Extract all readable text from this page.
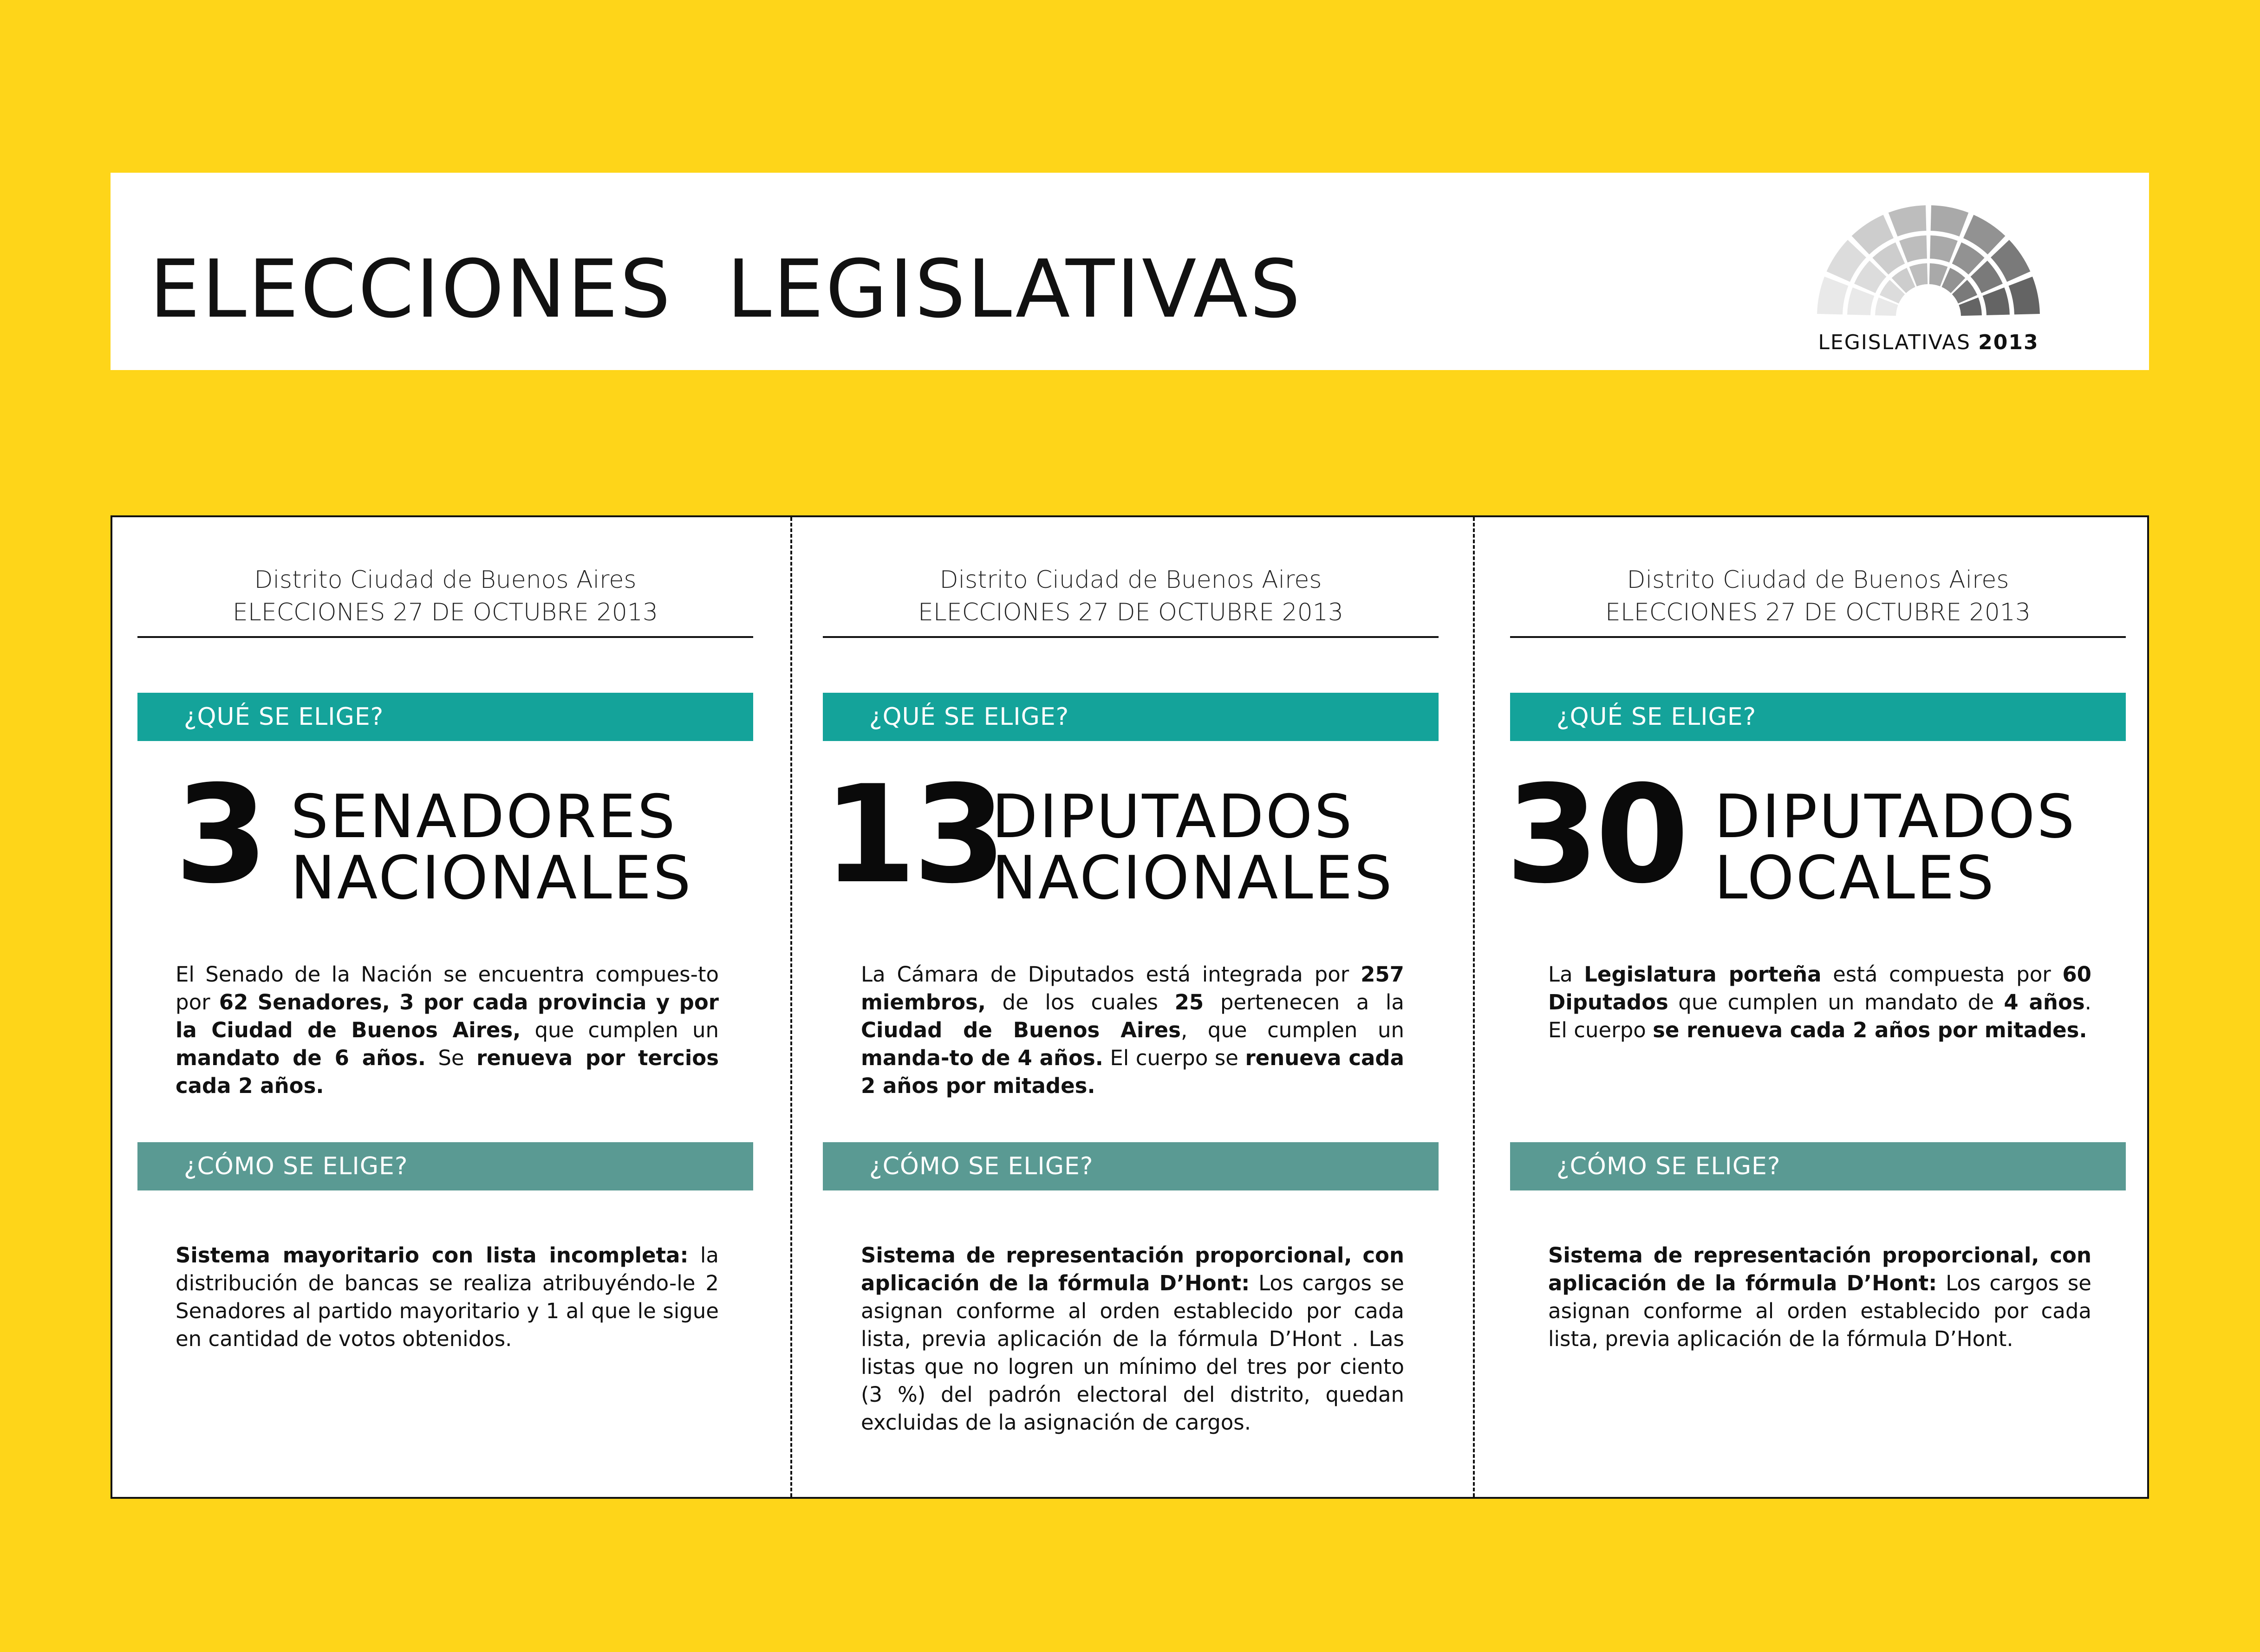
ELECCIONES  LEGISLATIVAS
LEGISLATIVAS 2013
Distrito Ciudad de Buenos Aires
ELECCIONES 27 DE OCTUBRE 2013
¿QUÉ SE ELIGE?
3 SENADORES
NACIONALES
El Senado de la Nación se encuentra compues-to por 62 Senadores, 3 por cada provincia y por la Ciudad de Buenos Aires, que cumplen un mandato de 6 años. Se renueva por tercios cada 2 años.
¿CÓMO SE ELIGE?
Sistema mayoritario con lista incompleta: la distribución de bancas se realiza atribuyéndo-le 2 Senadores al partido mayoritario y 1 al que le sigue en cantidad de votos obtenidos.
Distrito Ciudad de Buenos Aires
ELECCIONES 27 DE OCTUBRE 2013
¿QUÉ SE ELIGE?
13
DIPUTADOS
NACIONALES
La Cámara de Diputados está integrada por 257 miembros, de los cuales 25 pertenecen a la Ciudad de Buenos Aires, que cumplen un manda-to de 4 años. El cuerpo se renueva cada 2 años por mitades.
¿CÓMO SE ELIGE?
Sistema de representación proporcional, con aplicación de la fórmula D’Hont: Los cargos se asignan conforme al orden establecido por cada lista, previa aplicación de la fórmula D’Hont . Las listas que no logren un mínimo del tres por ciento (3 %) del padrón electoral del distrito, quedan excluidas de la asignación de cargos.
Distrito Ciudad de Buenos Aires
ELECCIONES 27 DE OCTUBRE 2013
¿QUÉ SE ELIGE?
30 DIPUTADOS
LOCALES
La Legislatura porteña está compuesta por 60 Diputados que cumplen un mandato de 4 años. El cuerpo se renueva cada 2 años por mitades.
¿CÓMO SE ELIGE?
Sistema de representación proporcional, con aplicación de la fórmula D’Hont: Los cargos se asignan conforme al orden establecido por cada lista, previa aplicación de la fórmula D’Hont.
